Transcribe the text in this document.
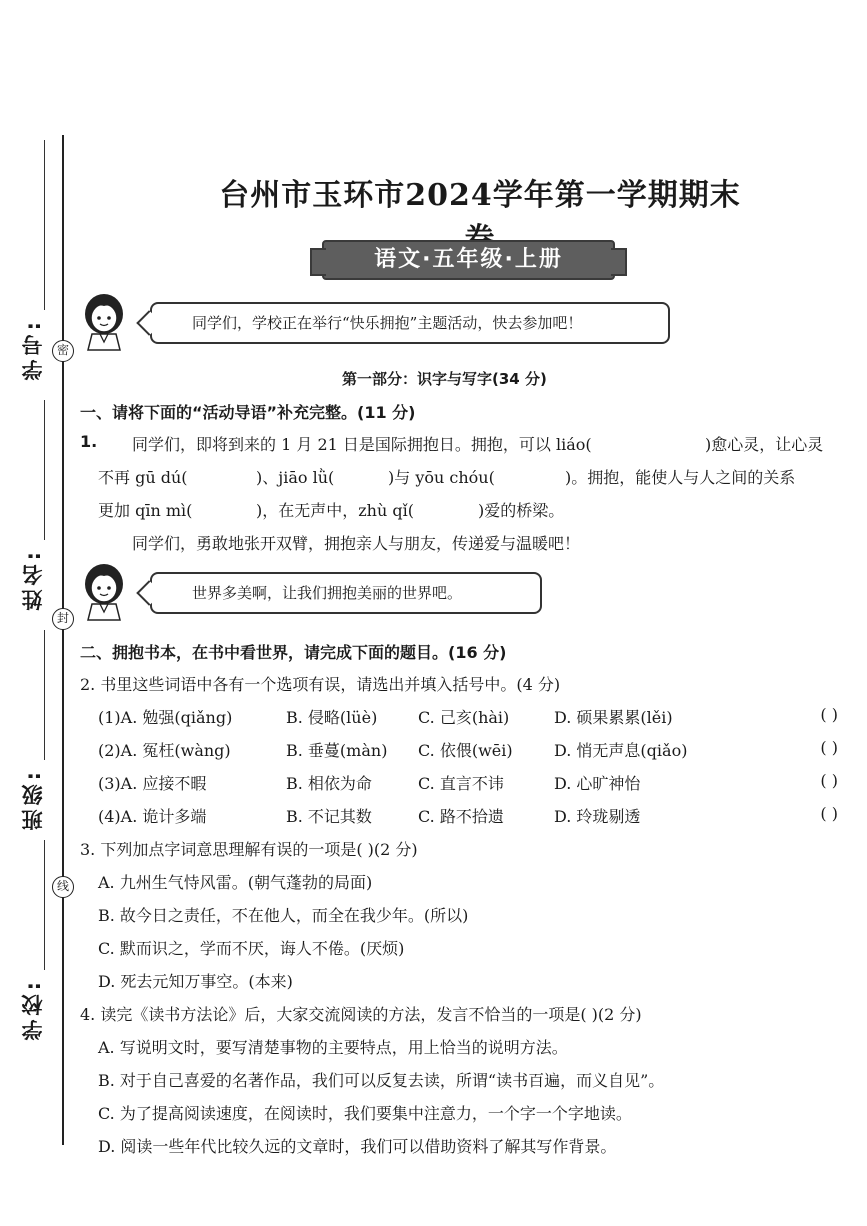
学号:
姓名:
班级:
学校:
密
封
线
台州市玉环市2024学年第一学期期末
语文·五年级·上册
同学们，学校正在举行“快乐拥抱”主题活动，快去参加吧！
第一部分：识字与写字(34 分)
一、请将下面的“活动导语”补充完整。(11 分)
1. 同学们，即将到来的 1 月 21 日是国际拥抱日。拥抱，可以 liáo(	)愈心灵，让心灵
不再 gū dú(	)、jiāo lǜ(	)与 yōu chóu(	)。拥抱，能使人与人之间的关系
更加 qīn mì(	)，在无声中，zhù qǐ(	)爱的桥梁。
同学们，勇敢地张开双臂，拥抱亲人与朋友，传递爱与温暖吧！
世界多美啊，让我们拥抱美丽的世界吧。
二、拥抱书本，在书中看世界，请完成下面的题目。(16 分)
2. 书里这些词语中各有一个选项有误，请选出并填入括号中。(4 分)
(1)A. 勉强(qiǎng)	B. 侵略(lüè)	C. 己亥(hài)	D. 硕果累累(lěi)	( )
(2)A. 冤枉(wàng)	B. 垂蔓(màn) C. 依偎(wēi)	D. 悄无声息(qiǎo)	( )
(3)A. 应接不暇	B. 相依为命	C. 直言不讳	D. 心旷神怡	( )
(4)A. 诡计多端	B. 不记其数	C. 路不拾遗	D. 玲珑剔透	( )
3. 下列加点字词意思理解有误的一项是( )(2 分)
A. 九州生气恃风雷。(朝气蓬勃的局面)
B. 故今日之责任，不在他人，而全在我少年。(所以)
C. 默而识之，学而不厌，诲人不倦。(厌烦)
D. 死去元知万事空。(本来)
4. 读完《读书方法论》后，大家交流阅读的方法，发言不恰当的一项是( )(2 分)
A. 写说明文时，要写清楚事物的主要特点，用上恰当的说明方法。
B. 对于自己喜爱的名著作品，我们可以反复去读，所谓“读书百遍，而义自见”。
C. 为了提高阅读速度，在阅读时，我们要集中注意力，一个字一个字地读。
D. 阅读一些年代比较久远的文章时，我们可以借助资料了解其写作背景。
